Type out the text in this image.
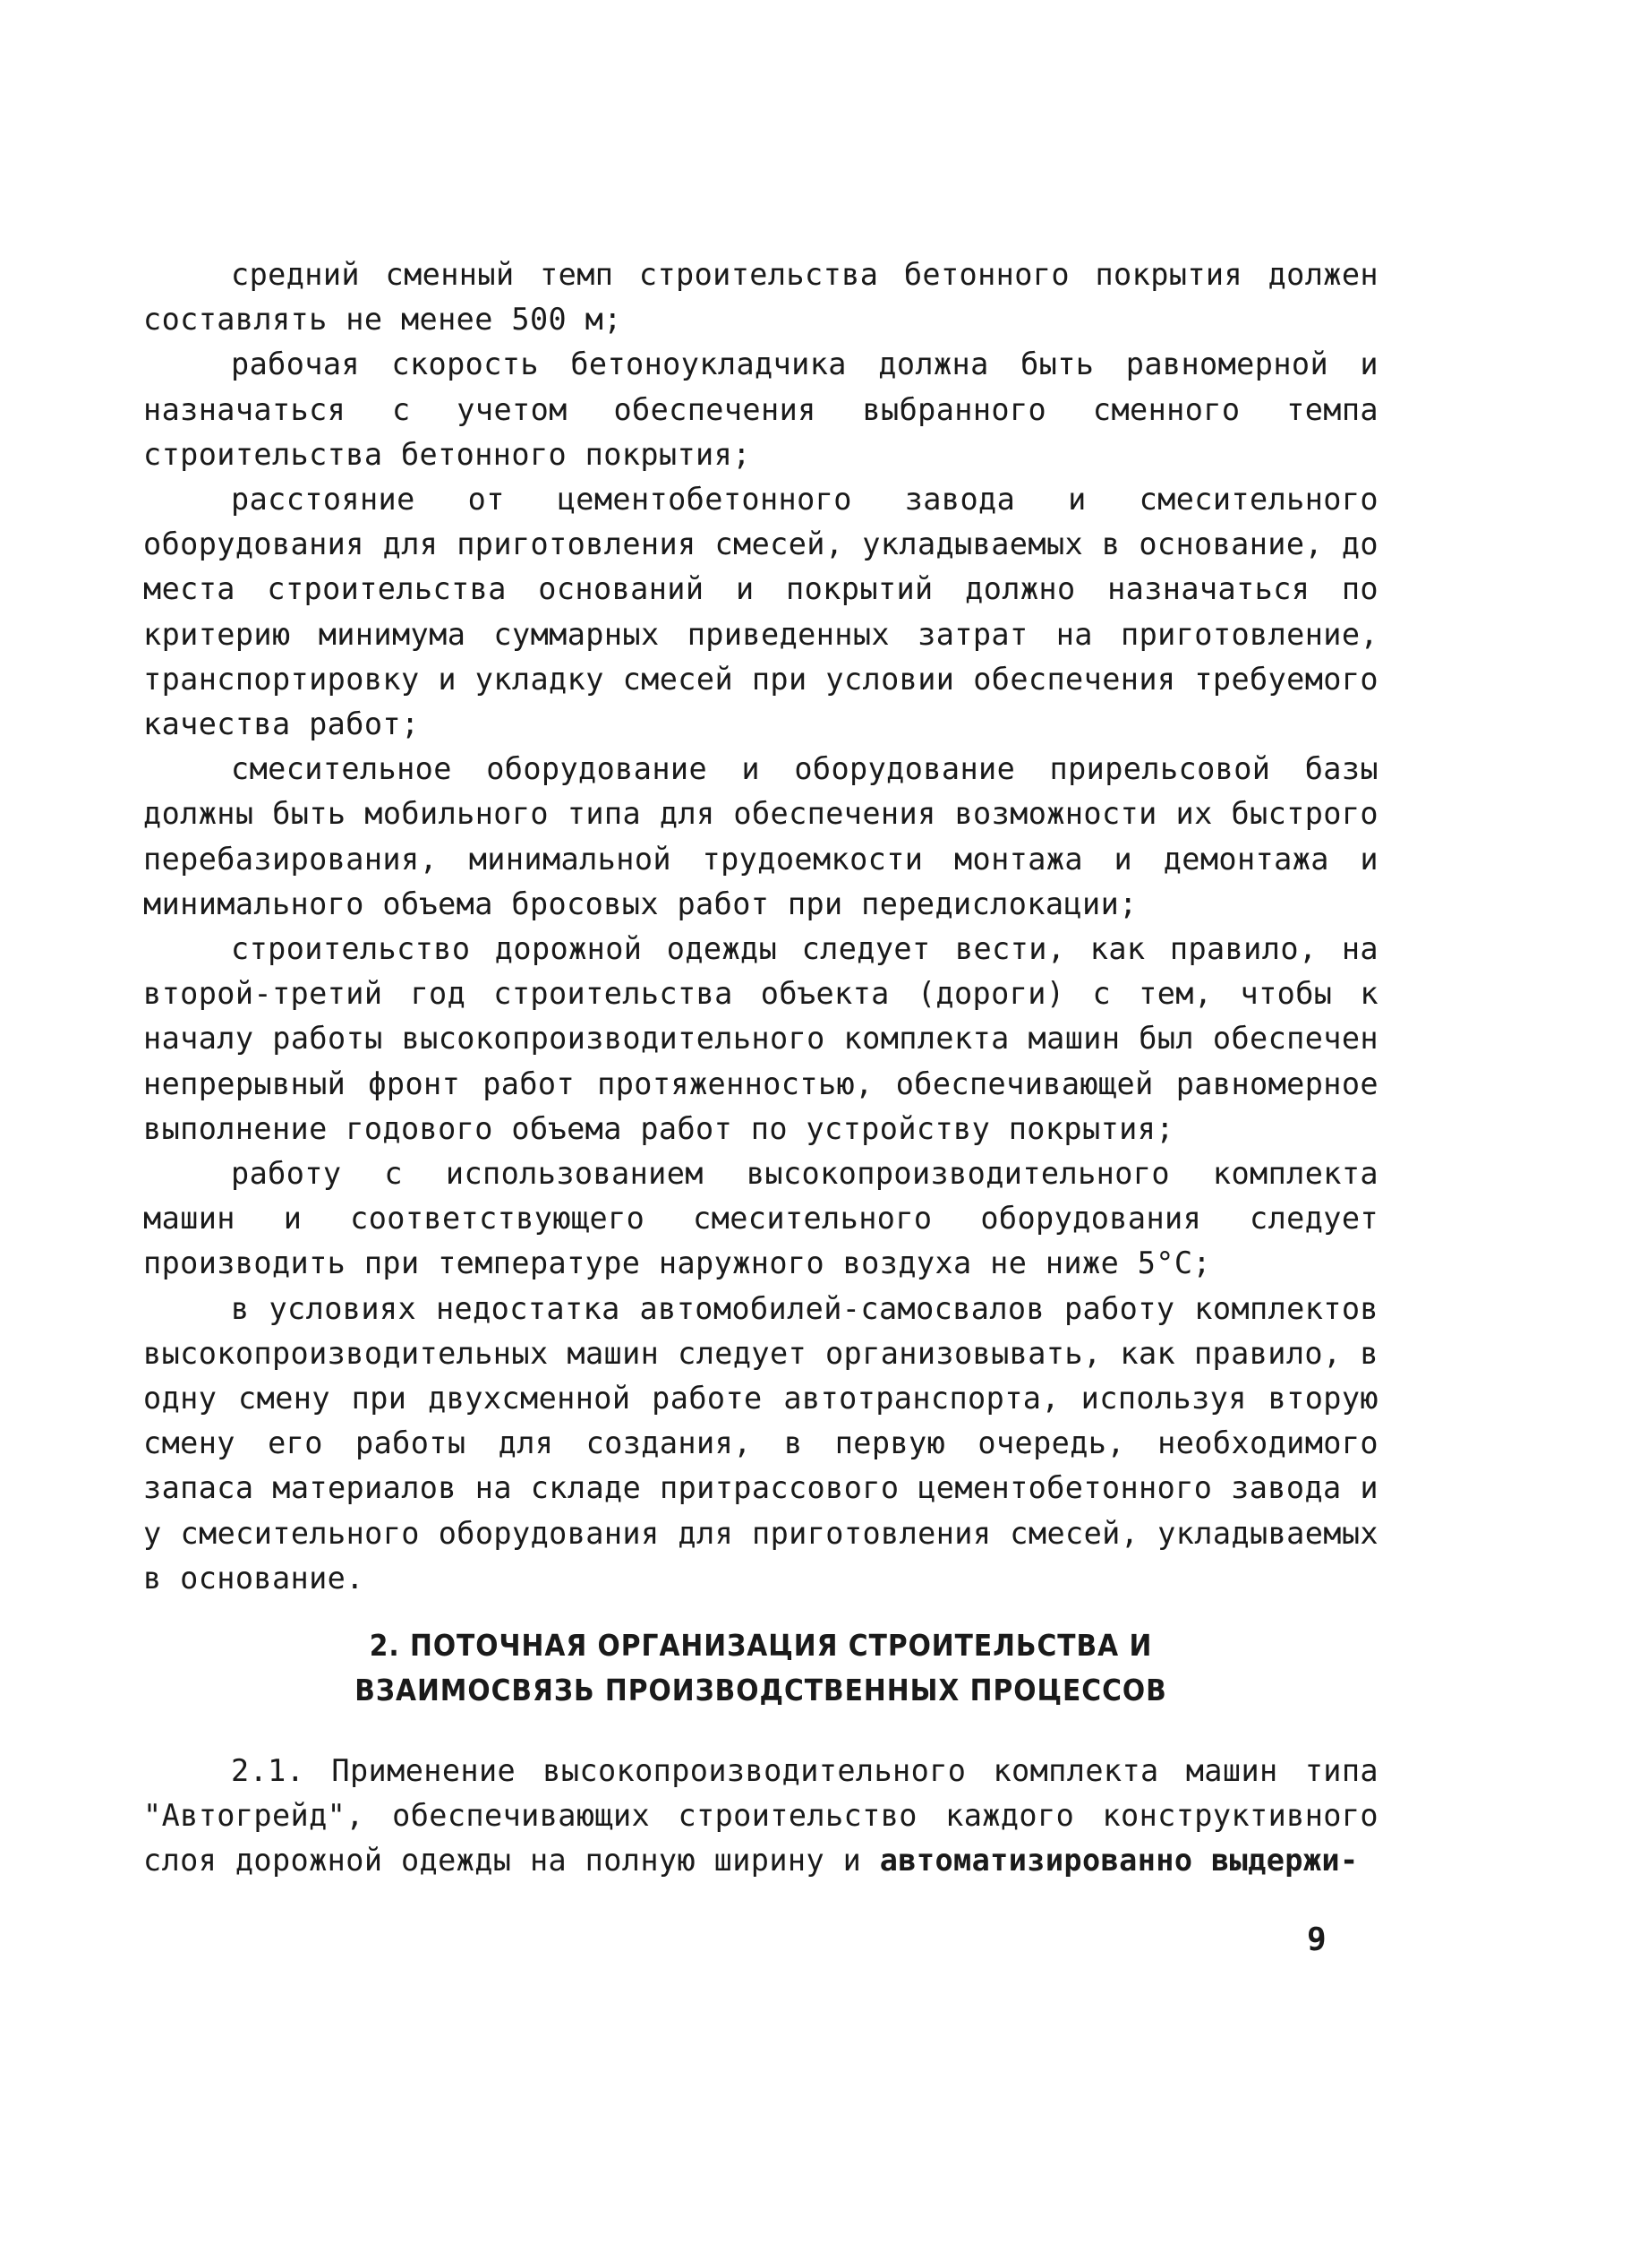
средний сменный темп строительства бетонного покрытия должен составлять не менее 500 м;

рабочая скорость бетоноукладчика должна быть равномерной и назначаться с учетом обеспечения выбранного сменного темпа строительства бетонного покрытия;

расстояние от цементобетонного завода и смесительного оборудования для приготовления смесей, укладываемых в основание, до места строительства оснований и покрытий должно назначаться по критерию минимума суммарных приведенных затрат на приготовление, транспортировку и укладку смесей при условии обеспечения требуемого качества работ;

смесительное оборудование и оборудование прирельсовой базы должны быть мобильного типа для обеспечения возможности их быстрого перебазирования, минимальной трудоемкости монтажа и демонтажа и минимального объема бросовых работ при передислокации;

строительство дорожной одежды следует вести, как правило, на второй-третий год строительства объекта (дороги) с тем, чтобы к началу работы высокопроизводительного комплекта машин был обеспечен непрерывный фронт работ протяженностью, обеспечивающей равномерное выполнение годового объема работ по устройству покрытия;

работу с использованием высокопроизводительного комплекта машин и соответствующего смесительного оборудования следует производить при температуре наружного воздуха не ниже 5°С;

в условиях недостатка автомобилей-самосвалов работу комплектов высокопроизводительных машин следует организовывать, как правило, в одну смену при двухсменной работе автотранспорта, используя вторую смену его работы для создания, в первую очередь, необходимого запаса материалов на складе притрассового цементобетонного завода и у смесительного оборудования для приготовления смесей, укладываемых в основание.

2. ПОТОЧНАЯ ОРГАНИЗАЦИЯ СТРОИТЕЛЬСТВА И
ВЗАИМОСВЯЗЬ ПРОИЗВОДСТВЕННЫХ ПРОЦЕССОВ

2.1. Применение высокопроизводительного комплекта машин типа "Автогрейд", обеспечивающих строительство каждого конструктивного слоя дорожной одежды на полную ширину и автоматизированно выдержи-

9
